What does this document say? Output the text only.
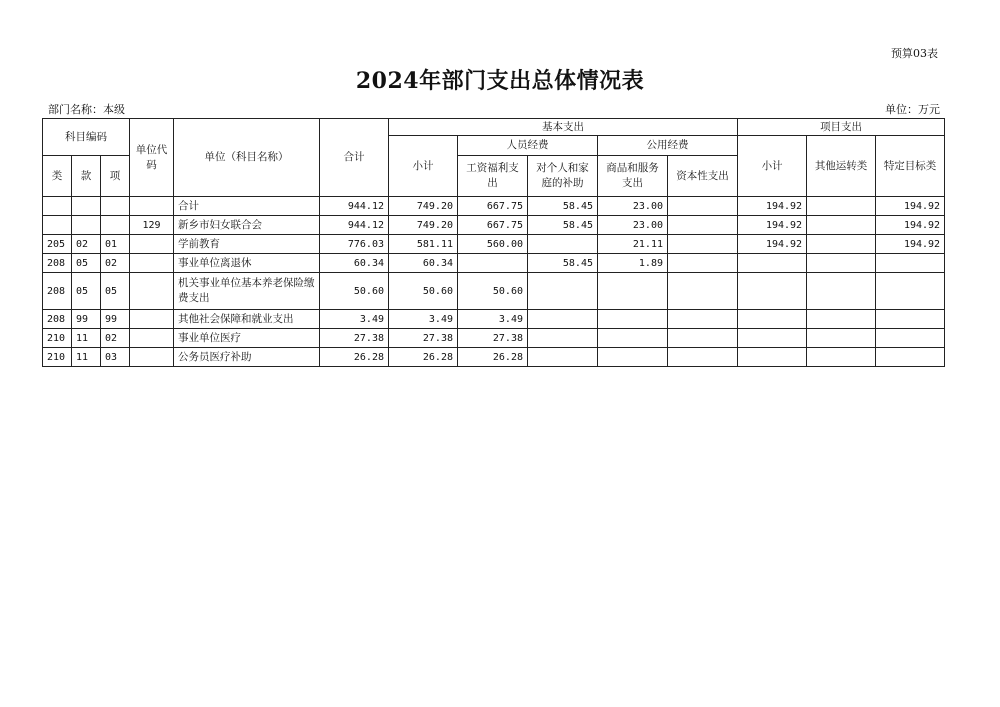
预算03表
2024年部门支出总体情况表
部门名称：本级	单位：万元
科目编码			单位代码	单位（科目名称）	合计	基本支出					项目支出		
						小计	人员经费		公用经费		小计	其他运转类	特定目标类
类	款	项					工资福利支出	对个人和家庭的补助	商品和服务支出	资本性支出			
				合计	944.12	749.20	667.75	58.45	23.00		194.92		194.92
			129	新乡市妇女联合会	944.12	749.20	667.75	58.45	23.00		194.92		194.92
205	02	01		学前教育	776.03	581.11	560.00		21.11		194.92		194.92
208	05	02		事业单位离退休	60.34	60.34		58.45	1.89				
208	05	05		机关事业单位基本养老保险缴费支出	50.60	50.60	50.60						
208	99	99		其他社会保障和就业支出	3.49	3.49	3.49						
210	11	02		事业单位医疗	27.38	27.38	27.38						
210	11	03		公务员医疗补助	26.28	26.28	26.28						
